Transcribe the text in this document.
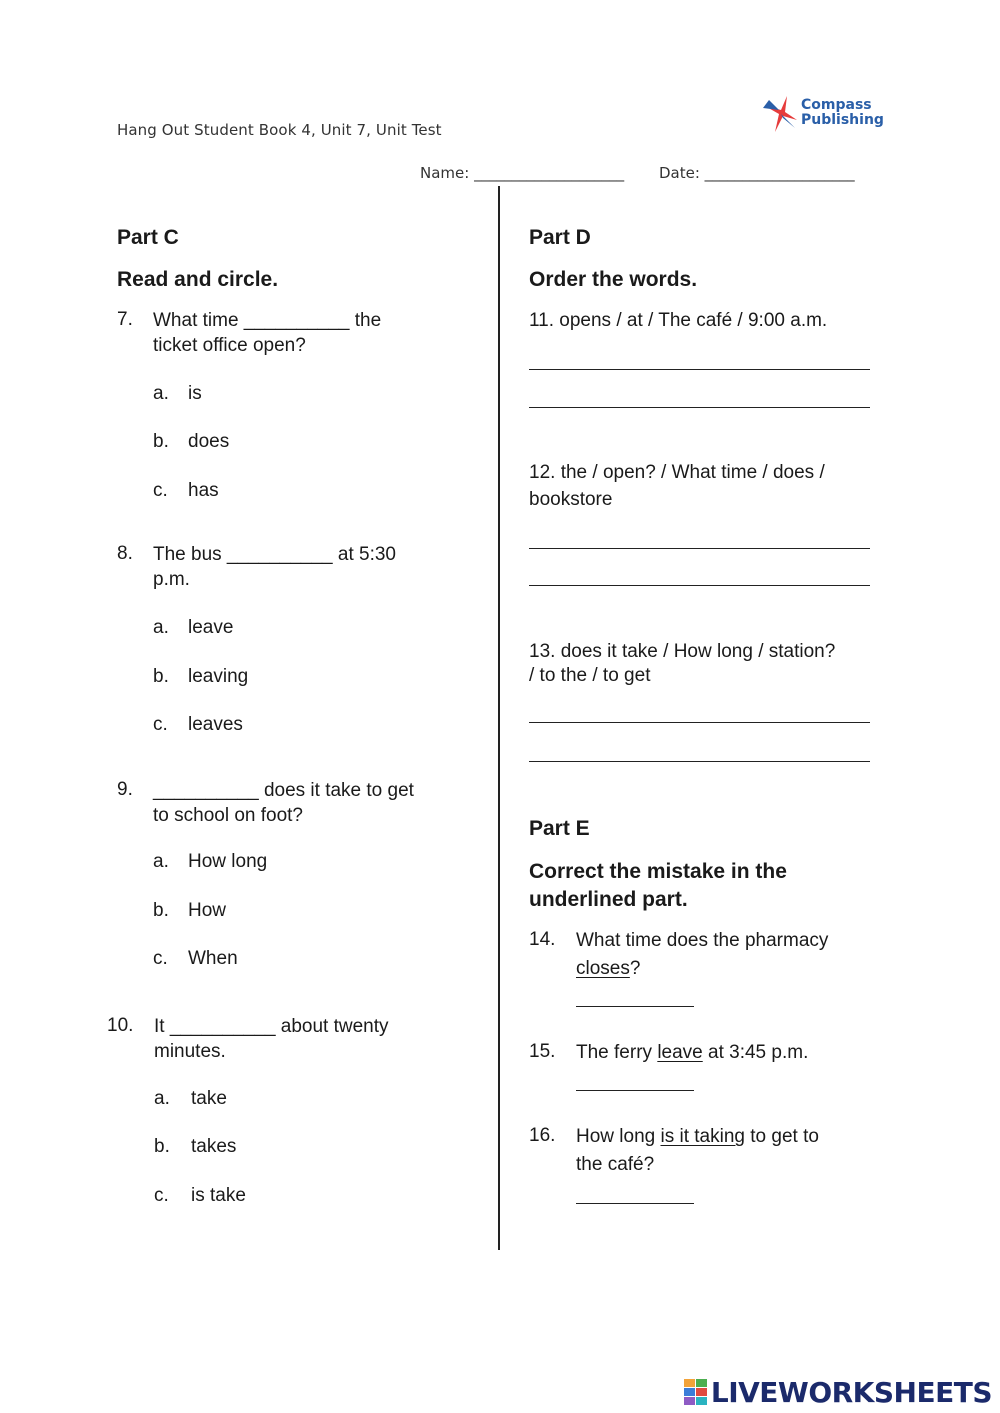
Hang Out Student Book 4, Unit 7, Unit Test
Compass
Publishing
Name: ____________________ Date: ____________________
Part C
Read and circle.
7. What time __________ the
ticket office open?
a. is
b. does
c. has
8. The bus __________ at 5:30
p.m.
a. leave
b. leaving
c. leaves
9. __________ does it take to get
to school on foot?
a. How long
b. How
c. When
10. It __________ about twenty
minutes.
a. take
b. takes
c. is take
Part D
Order the words.
11. opens / at / The café / 9:00 a.m.
12. the / open? / What time / does /
bookstore
13. does it take / How long / station?
/ to the / to get
Part E
Correct the mistake in the
underlined part.
14. What time does the pharmacy
closes?
15. The ferry leave at 3:45 p.m.
16. How long is it taking to get to
the café?
LIVEWORKSHEETS
